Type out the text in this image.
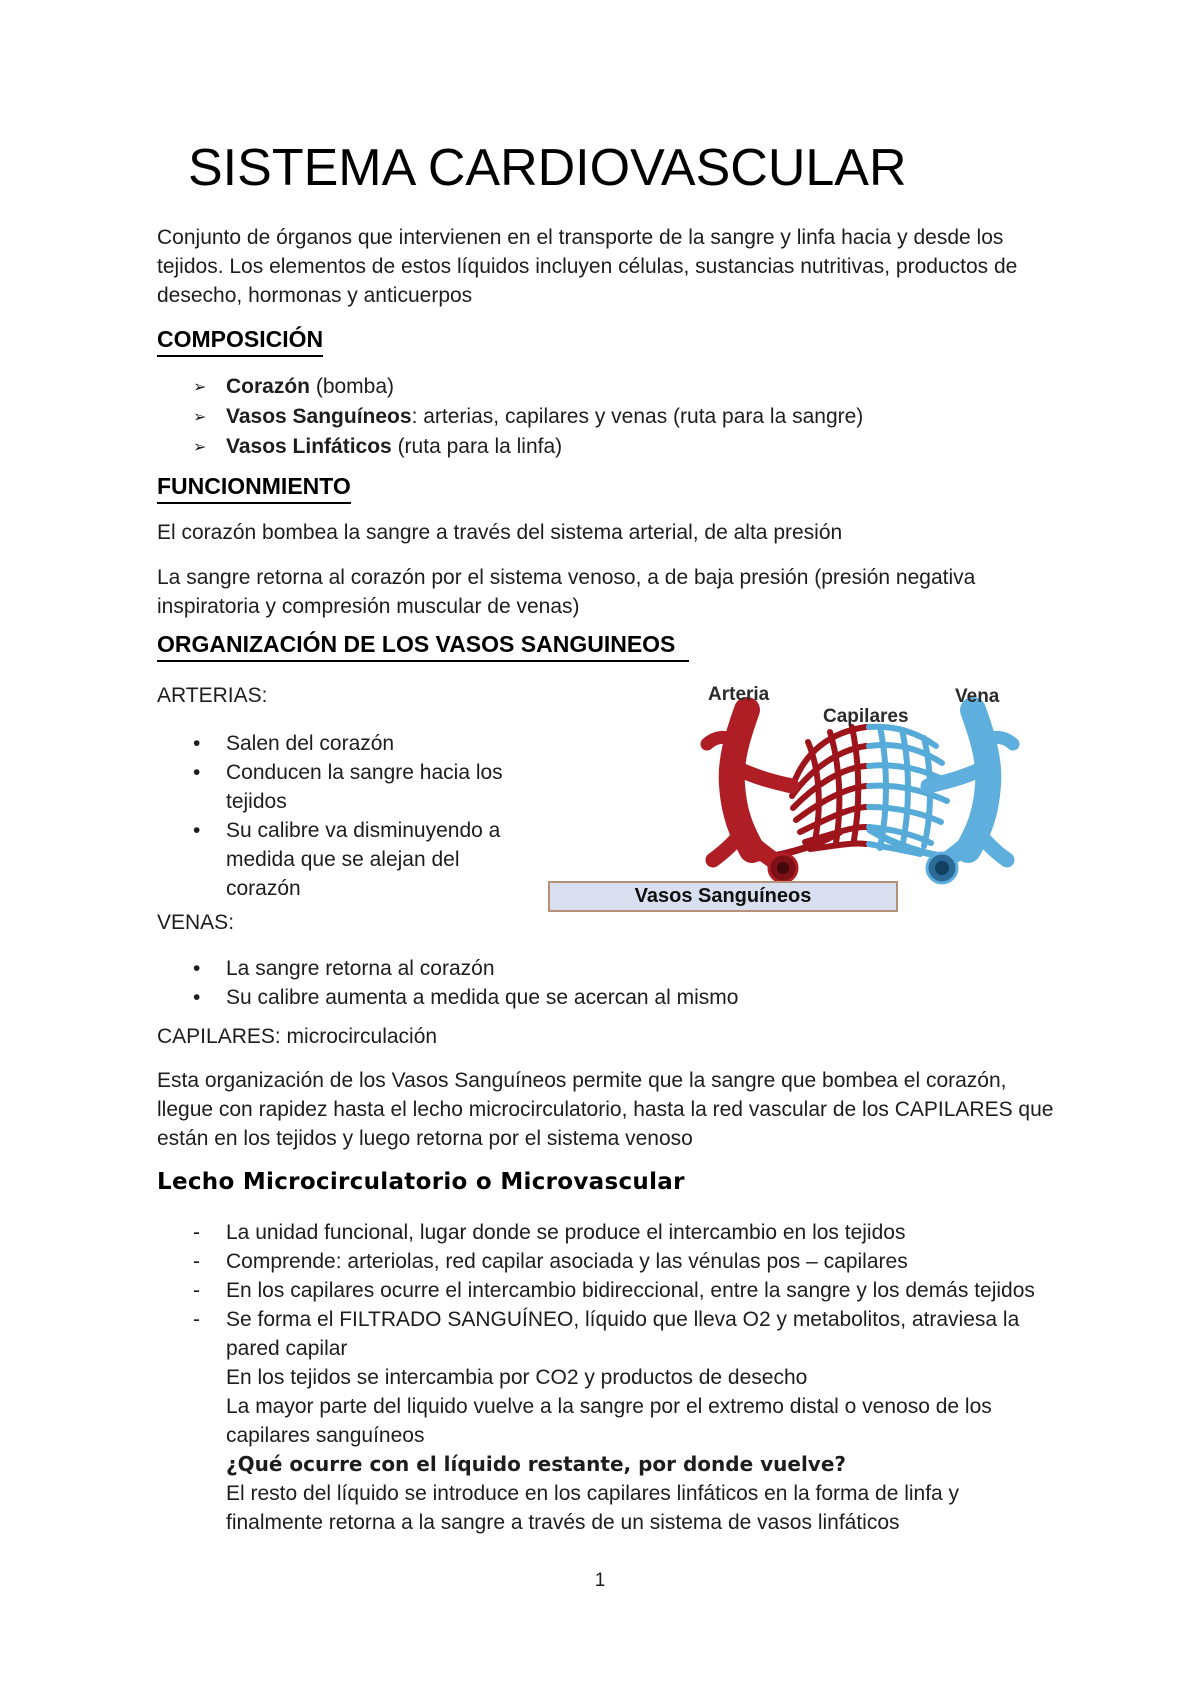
SISTEMA CARDIOVASCULAR
Conjunto de órganos que intervienen en el transporte de la sangre y linfa hacia y desde los tejidos. Los elementos de estos líquidos incluyen células, sustancias nutritivas, productos de desecho, hormonas y anticuerpos
COMPOSICIÓN
➢ Corazón (bomba)
➢ Vasos Sanguíneos: arterias, capilares y venas (ruta para la sangre)
➢ Vasos Linfáticos (ruta para la linfa)
FUNCIONMIENTO
El corazón bombea la sangre a través del sistema arterial, de alta presión
La sangre retorna al corazón por el sistema venoso, a de baja presión (presión negativa inspiratoria y compresión muscular de venas)
ORGANIZACIÓN DE LOS VASOS SANGUINEOS
ARTERIAS:
•	Salen del corazón
•	Conducen la sangre hacia los tejidos
•	Su calibre va disminuyendo a medida que se alejan del corazón
Arteria
Capilares
Vena
Vasos Sanguíneos
VENAS:
•	La sangre retorna al corazón
•	Su calibre aumenta a medida que se acercan al mismo
CAPILARES: microcirculación
Esta organización de los Vasos Sanguíneos permite que la sangre que bombea el corazón, llegue con rapidez hasta el lecho microcirculatorio, hasta la red vascular de los CAPILARES que están en los tejidos y luego retorna por el sistema venoso
Lecho Microcirculatorio o Microvascular
-	La unidad funcional, lugar donde se produce el intercambio en los tejidos
-	Comprende: arteriolas, red capilar asociada y las vénulas pos – capilares
-	En los capilares ocurre el intercambio bidireccional, entre la sangre y los demás tejidos
-	Se forma el FILTRADO SANGUÍNEO, líquido que lleva O2 y metabolitos, atraviesa la pared capilar
En los tejidos se intercambia por CO2 y productos de desecho
La mayor parte del liquido vuelve a la sangre por el extremo distal o venoso de los capilares sanguíneos
¿Qué ocurre con el líquido restante, por donde vuelve?
El resto del líquido se introduce en los capilares linfáticos en la forma de linfa y finalmente retorna a la sangre a través de un sistema de vasos linfáticos
1
